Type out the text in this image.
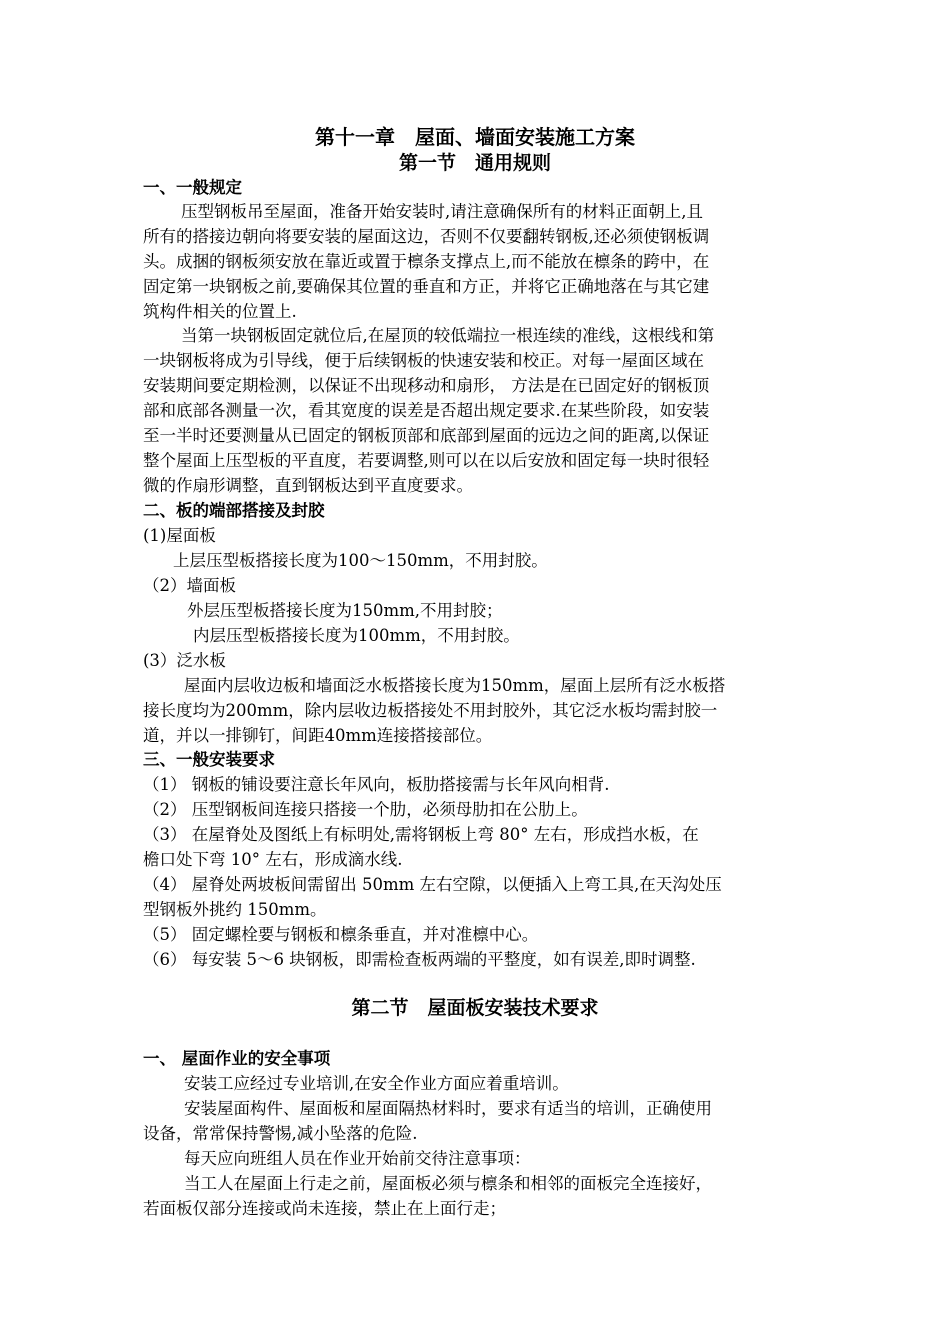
第十一章　屋面、墙面安装施工方案
第一节　通用规则
一、一般规定
压型钢板吊至屋面，准备开始安装时,请注意确保所有的材料正面朝上,且
所有的搭接边朝向将要安装的屋面这边，否则不仅要翻转钢板,还必须使钢板调
头。成捆的钢板须安放在靠近或置于檩条支撑点上,而不能放在檩条的跨中，在
固定第一块钢板之前,要确保其位置的垂直和方正，并将它正确地落在与其它建
筑构件相关的位置上.
当第一块钢板固定就位后,在屋顶的较低端拉一根连续的准线，这根线和第
一块钢板将成为引导线，便于后续钢板的快速安装和校正。对每一屋面区域在
安装期间要定期检测，以保证不出现移动和扇形， 方法是在已固定好的钢板顶
部和底部各测量一次，看其宽度的误差是否超出规定要求.在某些阶段，如安装
至一半时还要测量从已固定的钢板顶部和底部到屋面的远边之间的距离,以保证
整个屋面上压型板的平直度，若要调整,则可以在以后安放和固定每一块时很轻
微的作扇形调整，直到钢板达到平直度要求。
二、板的端部搭接及封胶
(1)屋面板
上层压型板搭接长度为100～150mm，不用封胶。
（2）墙面板
外层压型板搭接长度为150mm,不用封胶；
内层压型板搭接长度为100mm，不用封胶。
(3）泛水板
屋面内层收边板和墙面泛水板搭接长度为150mm，屋面上层所有泛水板搭
接长度均为200mm，除内层收边板搭接处不用封胶外，其它泛水板均需封胶一
道，并以一排铆钉，间距40mm连接搭接部位。
三、一般安装要求
（1） 钢板的铺设要注意长年风向，板肋搭接需与长年风向相背.
（2） 压型钢板间连接只搭接一个肋，必须母肋扣在公肋上。
（3） 在屋脊处及图纸上有标明处,需将钢板上弯 80° 左右，形成挡水板，在
檐口处下弯 10° 左右，形成滴水线.
（4） 屋脊处两坡板间需留出 50mm 左右空隙，以便插入上弯工具,在天沟处压
型钢板外挑约 150mm。
（5） 固定螺栓要与钢板和檩条垂直，并对准檩中心。
（6） 每安装 5～6 块钢板，即需检查板两端的平整度，如有误差,即时调整.
第二节　屋面板安装技术要求
一、 屋面作业的安全事项
安装工应经过专业培训,在安全作业方面应着重培训。
安装屋面构件、屋面板和屋面隔热材料时，要求有适当的培训，正确使用
设备，常常保持警惕,减小坠落的危险.
每天应向班组人员在作业开始前交待注意事项：
当工人在屋面上行走之前，屋面板必须与檩条和相邻的面板完全连接好，
若面板仅部分连接或尚未连接，禁止在上面行走；
